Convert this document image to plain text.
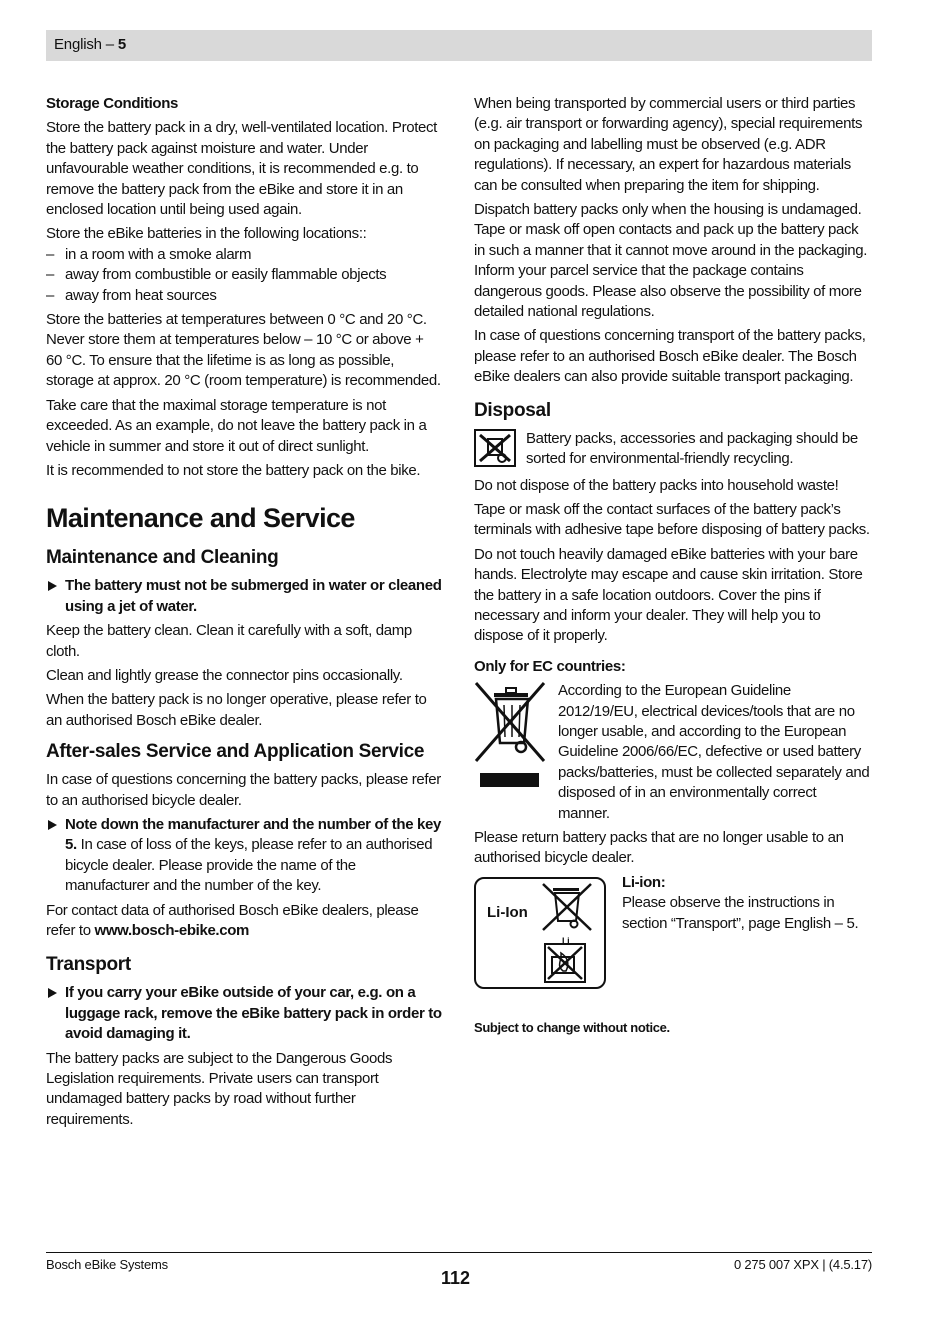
English – 5
Storage Conditions

Store the battery pack in a dry, well-ventilated location. Protect the battery pack against moisture and water. Under unfavourable weather conditions, it is recommended e.g. to remove the battery pack from the eBike and store it in an enclosed location until being used again.

Store the eBike batteries in the following locations::

– in a room with a smoke alarm
– away from combustible or easily flammable objects
– away from heat sources

Store the batteries at temperatures between 0 °C and 20 °C. Never store them at temperatures below – 10 °C or above + 60 °C. To ensure that the lifetime is as long as possible, storage at approx. 20 °C (room temperature) is recommended.

Take care that the maximal storage temperature is not exceeded. As an example, do not leave the battery pack in a vehicle in summer and store it out of direct sunlight.

It is recommended to not store the battery pack on the bike.

Maintenance and Service
Maintenance and Cleaning
The battery must not be submerged in water or cleaned using a jet of water.

Keep the battery clean. Clean it carefully with a soft, damp cloth.

Clean and lightly grease the connector pins occasionally.

When the battery pack is no longer operative, please refer to an authorised Bosch eBike dealer.

After-sales Service and Application Service

In case of questions concerning the battery packs, please refer to an authorised bicycle dealer.

Note down the manufacturer and the number of the key 5. In case of loss of the keys, please refer to an authorised bicycle dealer. Please provide the name of the manufacturer and the number of the key.

For contact data of authorised Bosch eBike dealers, please refer to www.bosch-ebike.com

Transport
If you carry your eBike outside of your car, e.g. on a luggage rack, remove the eBike battery pack in order to avoid damaging it.

The battery packs are subject to the Dangerous Goods Legislation requirements. Private users can transport undamaged battery packs by road without further requirements.

When being transported by commercial users or third parties (e.g. air transport or forwarding agency), special requirements on packaging and labelling must be observed (e.g. ADR regulations). If necessary, an expert for hazardous materials can be consulted when preparing the item for shipping.

Dispatch battery packs only when the housing is undamaged. Tape or mask off open contacts and pack up the battery pack in such a manner that it cannot move around in the packaging. Inform your parcel service that the package contains dangerous goods. Please also observe the possibility of more detailed national regulations.

In case of questions concerning transport of the battery packs, please refer to an authorised Bosch eBike dealer. The Bosch eBike dealers can also provide suitable transport packaging.

Disposal

Battery packs, accessories and packaging should be sorted for environmental-friendly recycling.

Do not dispose of the battery packs into household waste!

Tape or mask off the contact surfaces of the battery pack’s terminals with adhesive tape before disposing of battery packs.

Do not touch heavily damaged eBike batteries with your bare hands. Electrolyte may escape and cause skin irritation. Store the battery in a safe location outdoors. Cover the pins if necessary and inform your dealer. They will help you to dispose of it properly.

Only for EC countries:

According to the European Guideline 2012/19/EU, electrical devices/tools that are no longer usable, and according to the European Guideline 2006/66/EC, defective or used battery packs/batteries, must be collected separately and disposed of in an environmentally correct manner.

Please return battery packs that are no longer usable to an authorised bicycle dealer.

Li-Ion
Li
Li-ion:

Please observe the instructions in section “Transport”, page English – 5.

Subject to change without notice.
Bosch eBike Systems
112
0 275 007 XPX | (4.5.17)
